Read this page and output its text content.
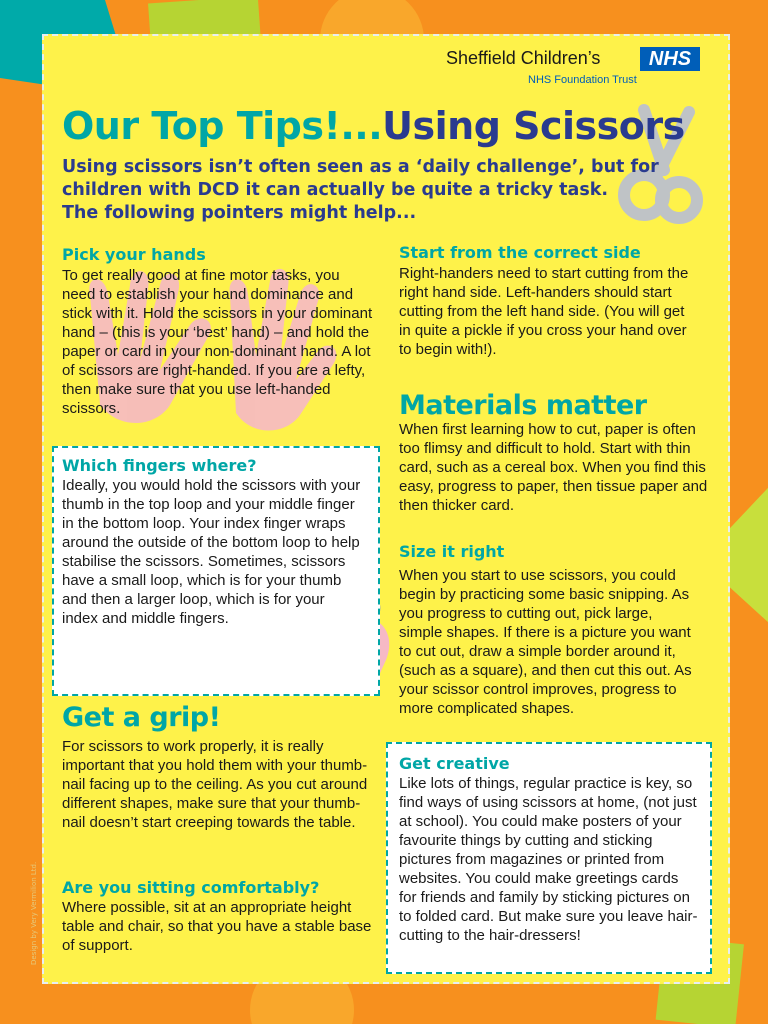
Sheffield Children’s	NHS
NHS Foundation Trust
Our Top Tips!...Using Scissors
Using scissors isn’t often seen as a ‘daily challenge’, but for
children with DCD it can actually be quite a tricky task.
The following pointers might help...
Pick your hands
To get really good at fine motor tasks, you need to establish your hand dominance and stick with it. Hold the scissors in your dominant hand – (this is your ‘best’ hand) – and hold the paper or card in your non-dominant hand. A lot of scissors are right-handed. If you are a lefty, then make sure that you use left-handed scissors.
Which fingers where?
Ideally, you would hold the scissors with your thumb in the top loop and your middle finger in the bottom loop. Your index finger wraps around the outside of the bottom loop to help stabilise the scissors. Sometimes, scissors have a small loop, which is for your thumb and then a larger loop, which is for your index and middle fingers.
Get a grip!
For scissors to work properly, it is really important that you hold them with your thumb-nail facing up to the ceiling. As you cut around different shapes, make sure that your thumb-nail doesn’t start creeping towards the table.
Are you sitting comfortably?
Where possible, sit at an appropriate height table and chair, so that you have a stable base of support.
Start from the correct side
Right-handers need to start cutting from the right hand side. Left-handers should start cutting from the left hand side. (You will get in quite a pickle if you cross your hand over to begin with!).
Materials matter
When first learning how to cut, paper is often too flimsy and difficult to hold. Start with thin card, such as a cereal box. When you find this easy, progress to paper, then tissue paper and then thicker card.
Size it right
When you start to use scissors, you could begin by practicing some basic snipping. As you progress to cutting out, pick large, simple shapes. If there is a picture you want to cut out, draw a simple border around it, (such as a square), and then cut this out. As your scissor control improves, progress to more complicated shapes.
Get creative
Like lots of things, regular practice is key, so find ways of using scissors at home, (not just at school). You could make posters of your favourite things by cutting and sticking pictures from magazines or printed from websites. You could make greetings cards for friends and family by sticking pictures on to folded card. But make sure you leave hair-cutting to the hair-dressers!
Design by Very Vermilion Ltd.
